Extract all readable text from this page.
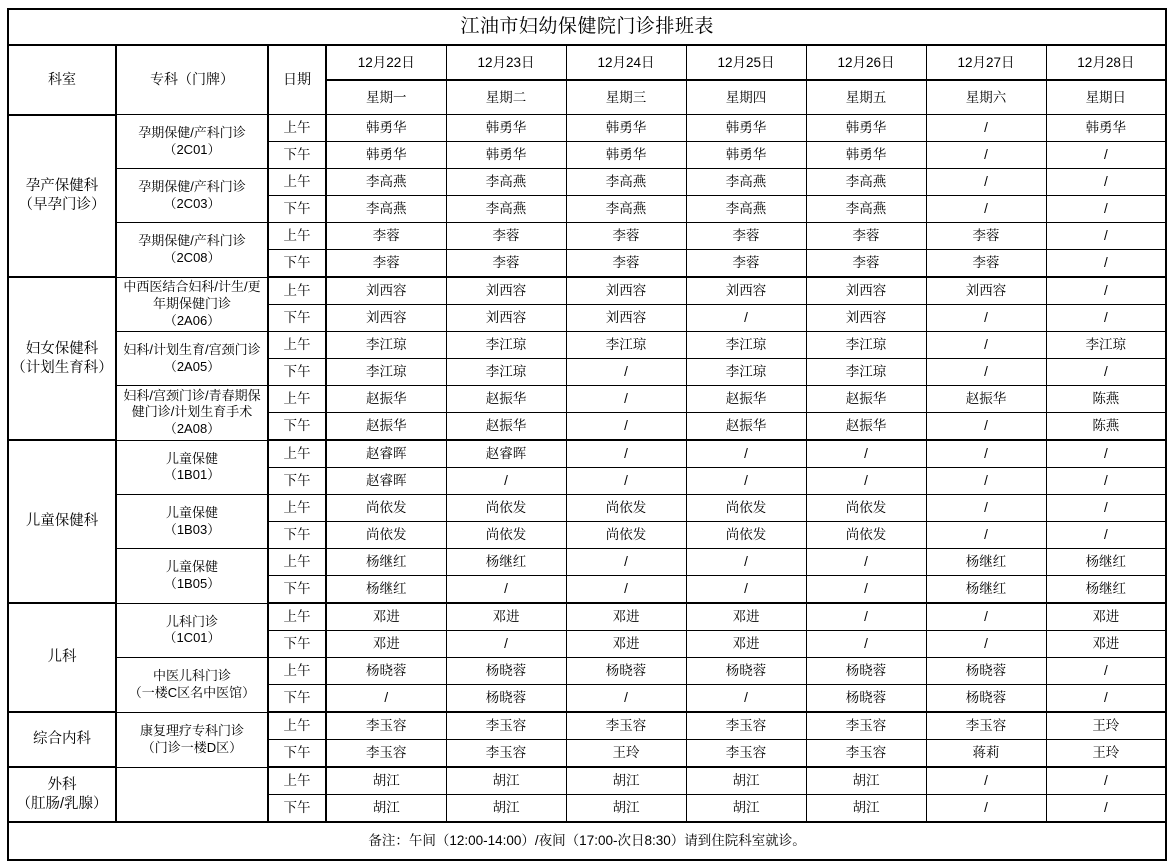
江油市妇幼保健院门诊排班表									
科室	专科（门牌）	日期	12月22日	12月23日	12月24日	12月25日	12月26日	12月27日	12月28日
			星期一	星期二	星期三	星期四	星期五	星期六	星期日
孕产保健科
（早孕门诊）	孕期保健/产科门诊
（2C01）	上午	韩勇华	韩勇华	韩勇华	韩勇华	韩勇华	/	韩勇华
		下午	韩勇华	韩勇华	韩勇华	韩勇华	韩勇华	/	/
	孕期保健/产科门诊
（2C03）	上午	李高燕	李高燕	李高燕	李高燕	李高燕	/	/
		下午	李高燕	李高燕	李高燕	李高燕	李高燕	/	/
	孕期保健/产科门诊
（2C08）	上午	李蓉	李蓉	李蓉	李蓉	李蓉	李蓉	/
		下午	李蓉	李蓉	李蓉	李蓉	李蓉	李蓉	/
妇女保健科
（计划生育科）	中西医结合妇科/计生/更年期保健门诊
（2A06）	上午	刘西容	刘西容	刘西容	刘西容	刘西容	刘西容	/
		下午	刘西容	刘西容	刘西容	/	刘西容	/	/
	妇科/计划生育/宫颈门诊
（2A05）	上午	李江琼	李江琼	李江琼	李江琼	李江琼	/	李江琼
		下午	李江琼	李江琼	/	李江琼	李江琼	/	/
	妇科/宫颈门诊/青春期保健门诊/计划生育手术
（2A08）	上午	赵振华	赵振华	/	赵振华	赵振华	赵振华	陈燕
		下午	赵振华	赵振华	/	赵振华	赵振华	/	陈燕
儿童保健科	儿童保健
（1B01）	上午	赵睿晖	赵睿晖	/	/	/	/	/
		下午	赵睿晖	/	/	/	/	/	/
	儿童保健
（1B03）	上午	尚依发	尚依发	尚依发	尚依发	尚依发	/	/
		下午	尚依发	尚依发	尚依发	尚依发	尚依发	/	/
	儿童保健
（1B05）	上午	杨继红	杨继红	/	/	/	杨继红	杨继红
		下午	杨继红	/	/	/	/	杨继红	杨继红
儿科	儿科门诊
（1C01）	上午	邓进	邓进	邓进	邓进	/	/	邓进
		下午	邓进	/	邓进	邓进	/	/	邓进
	中医儿科门诊
（一楼C区名中医馆）	上午	杨晓蓉	杨晓蓉	杨晓蓉	杨晓蓉	杨晓蓉	杨晓蓉	/
		下午	/	杨晓蓉	/	/	杨晓蓉	杨晓蓉	/
综合内科	康复理疗专科门诊
（门诊一楼D区）	上午	李玉容	李玉容	李玉容	李玉容	李玉容	李玉容	王玲
		下午	李玉容	李玉容	王玲	李玉容	李玉容	蒋莉	王玲
外科
（肛肠/乳腺）		上午	胡江	胡江	胡江	胡江	胡江	/	/
		下午	胡江	胡江	胡江	胡江	胡江	/	/
备注：午间（12:00-14:00）/夜间（17:00-次日8:30）请到住院科室就诊。									
